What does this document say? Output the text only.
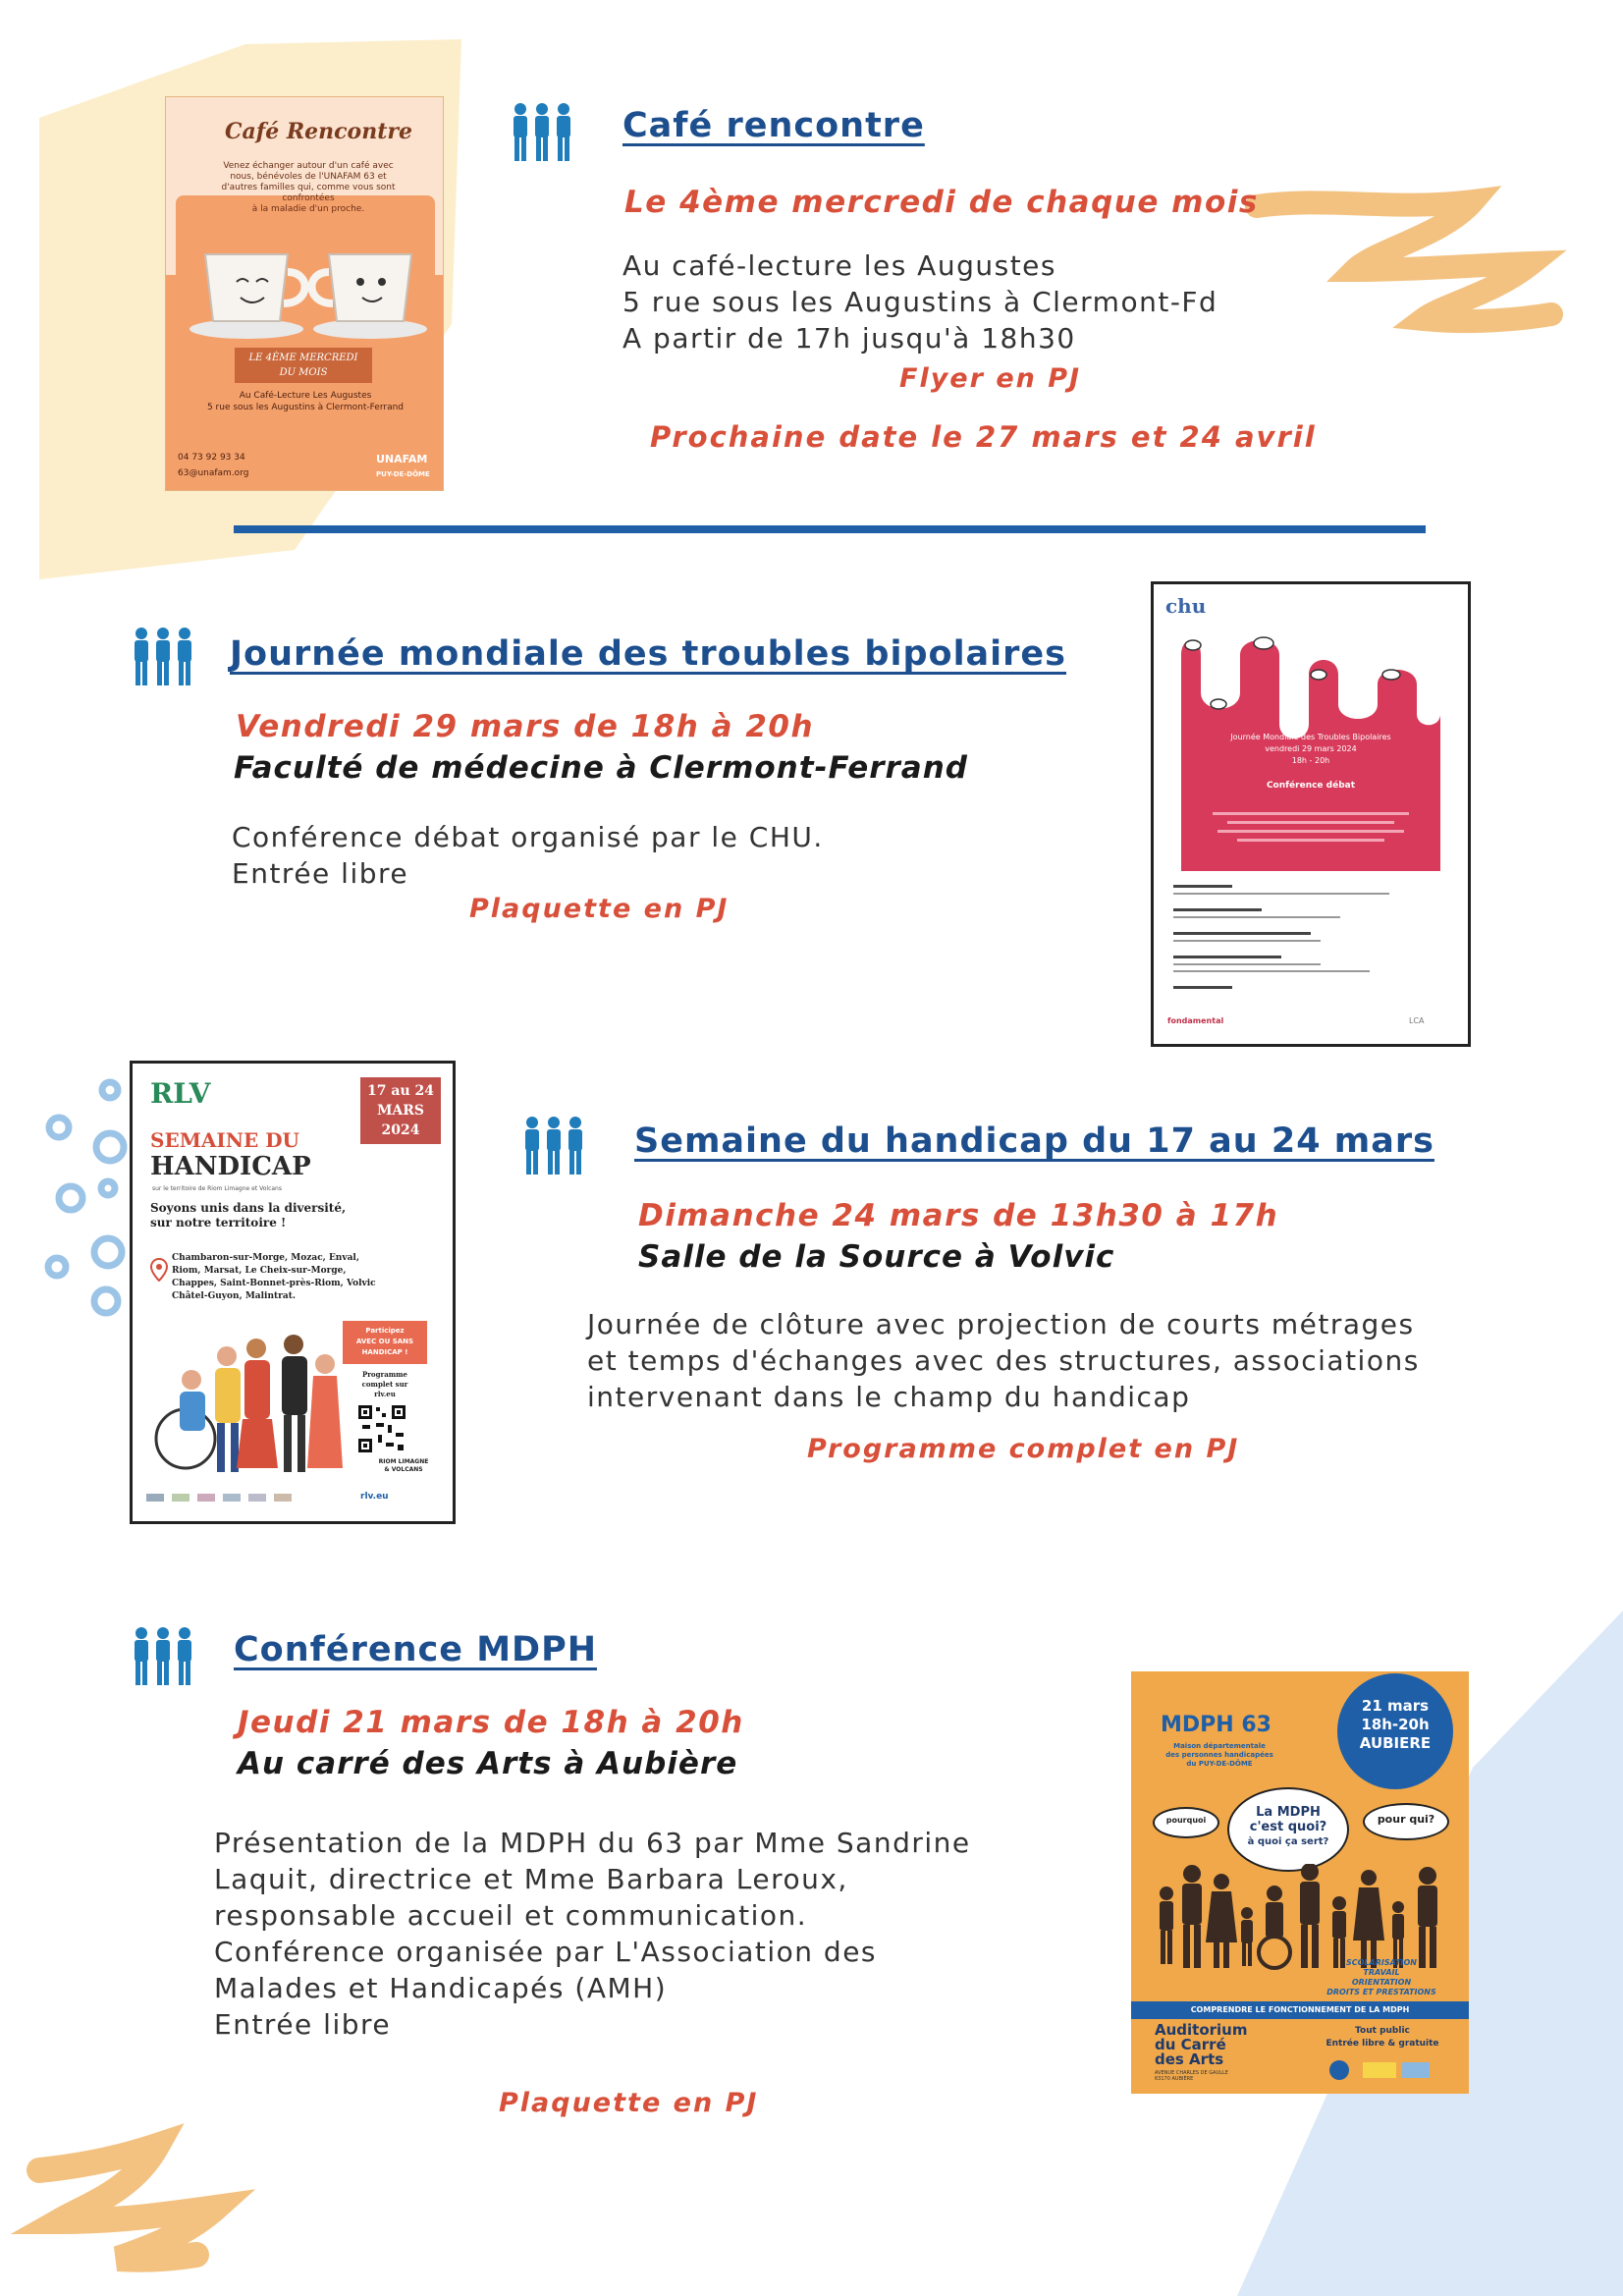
Café Rencontre
Venez échanger autour d'un café avec
nous, bénévoles de l'UNAFAM 63 et
d'autres familles qui, comme vous sont
confrontées
à la maladie d'un proche.
LE 4ÈME MERCREDI
DU MOIS
Au Café-Lecture Les Augustes
5 rue sous les Augustins à Clermont-Ferrand
04 73 92 93 34
63@unafam.org
UNAFAM
PUY-DE-DÔME
Café rencontre
Le 4ème mercredi de chaque mois
Au café-lecture les Augustes
5 rue sous les Augustins à Clermont-Fd
A partir de 17h jusqu'à 18h30
Flyer en PJ
Prochaine date le 27 mars et 24 avril
Journée mondiale des troubles bipolaires
Vendredi 29 mars de 18h à 20h
Faculté de médecine à Clermont-Ferrand
Conférence débat organisé par le CHU.
Entrée libre
Plaquette en PJ
chu
Journée Mondiale des Troubles Bipolaires
vendredi 29 mars 2024
18h - 20h
Conférence débat
fondamental	LCA
RLV	17 au 24
MARS
2024
SEMAINE DU
HANDICAP
sur le territoire de Riom Limagne et Volcans
Soyons unis dans la diversité,
sur notre territoire !
Chambaron-sur-Morge, Mozac, Enval,
Riom, Marsat, Le Cheix-sur-Morge,
Chappes, Saint-Bonnet-près-Riom, Volvic
Châtel-Guyon, Malintrat.
Participez
AVEC OU SANS
HANDICAP !
Programme
complet sur
rlv.eu
RIOM LIMAGNE
& VOLCANS
rlv.eu
Semaine du handicap du 17 au 24 mars
Dimanche 24 mars de 13h30 à 17h
Salle de la Source à Volvic
Journée de clôture avec projection de courts métrages
et temps d'échanges avec des structures, associations
intervenant dans le champ du handicap
Programme complet en PJ
Conférence MDPH
Jeudi 21 mars de 18h à 20h
Au carré des Arts à Aubière
Présentation de la MDPH du 63 par Mme Sandrine
Laquit, directrice et Mme Barbara Leroux,
responsable accueil et communication.
Conférence organisée par L'Association des
Malades et Handicapés (AMH)
Entrée libre
Plaquette en PJ
MDPH 63
Maison départementale
des personnes handicapées
du PUY-DE-DÔME
21 mars
18h-20h
AUBIERE
La MDPH
c'est quoi?
à quoi ça sert?
pourquoi	pour qui?
SCOLARISATION
TRAVAIL
ORIENTATION
DROITS ET PRESTATIONS
COMPRENDRE LE FONCTIONNEMENT DE LA MDPH
Auditorium
du Carré
des Arts
AVENUE CHARLES DE GAULLE
63170 AUBIÈRE
Tout public
Entrée libre & gratuite
